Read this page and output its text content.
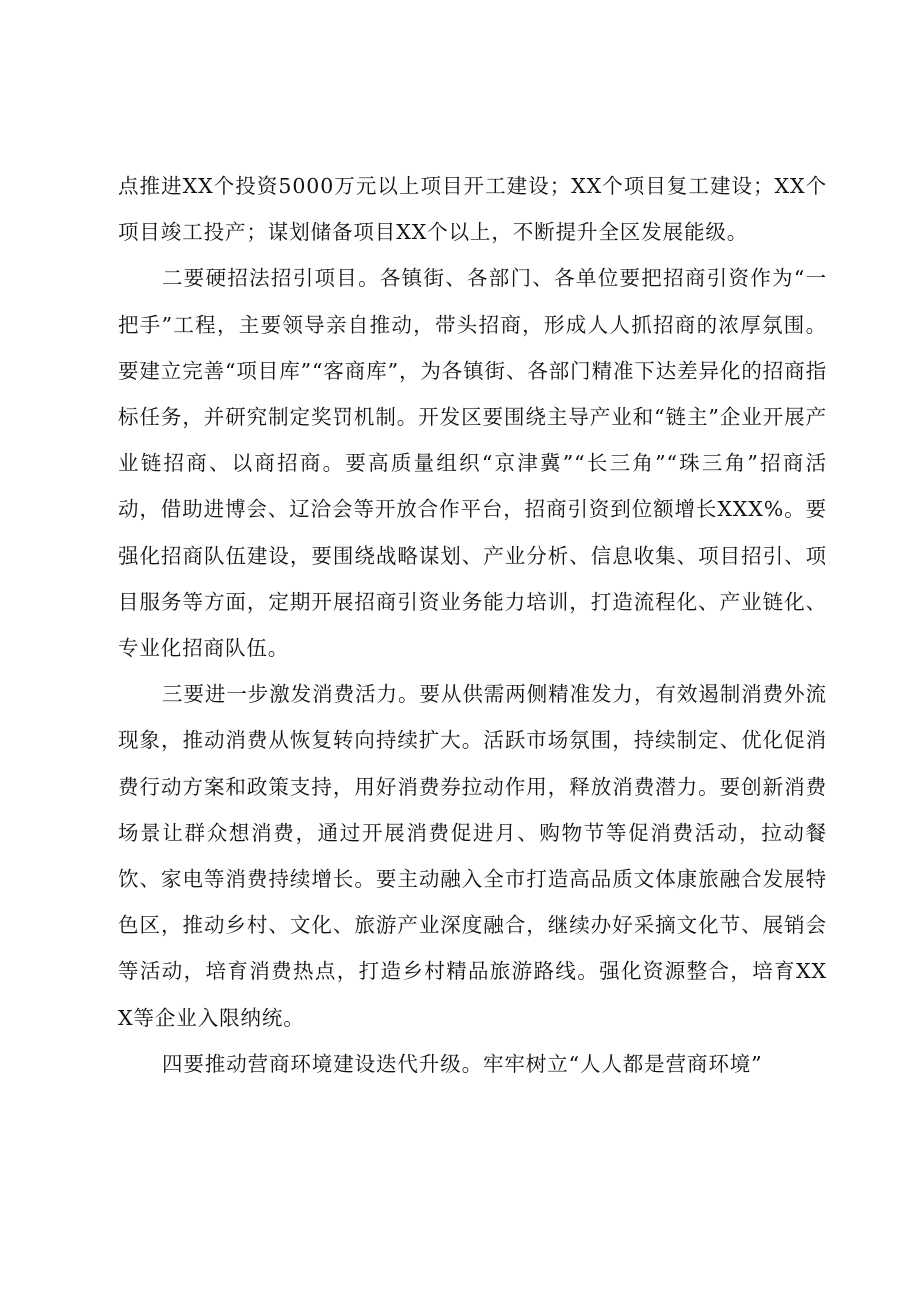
点推进XX个投资5000万元以上项目开工建设；XX个项目复工建设；XX个项目竣工投产；谋划储备项目XX个以上，不断提升全区发展能级。

二要硬招法招引项目。各镇街、各部门、各单位要把招商引资作为“一把手”工程，主要领导亲自推动，带头招商，形成人人抓招商的浓厚氛围。要建立完善“项目库”“客商库”，为各镇街、各部门精准下达差异化的招商指标任务，并研究制定奖罚机制。开发区要围绕主导产业和“链主”企业开展产业链招商、以商招商。要高质量组织“京津冀”“长三角”“珠三角”招商活动，借助进博会、辽洽会等开放合作平台，招商引资到位额增长XXX%。要强化招商队伍建设，要围绕战略谋划、产业分析、信息收集、项目招引、项目服务等方面，定期开展招商引资业务能力培训，打造流程化、产业链化、专业化招商队伍。

三要进一步激发消费活力。要从供需两侧精准发力，有效遏制消费外流现象，推动消费从恢复转向持续扩大。活跃市场氛围，持续制定、优化促消费行动方案和政策支持，用好消费券拉动作用，释放消费潜力。要创新消费场景让群众想消费，通过开展消费促进月、购物节等促消费活动，拉动餐饮、家电等消费持续增长。要主动融入全市打造高品质文体康旅融合发展特色区，推动乡村、文化、旅游产业深度融合，继续办好采摘文化节、展销会等活动，培育消费热点，打造乡村精品旅游路线。强化资源整合，培育XXX等企业入限纳统。

四要推动营商环境建设迭代升级。牢牢树立“人人都是营商环境”
